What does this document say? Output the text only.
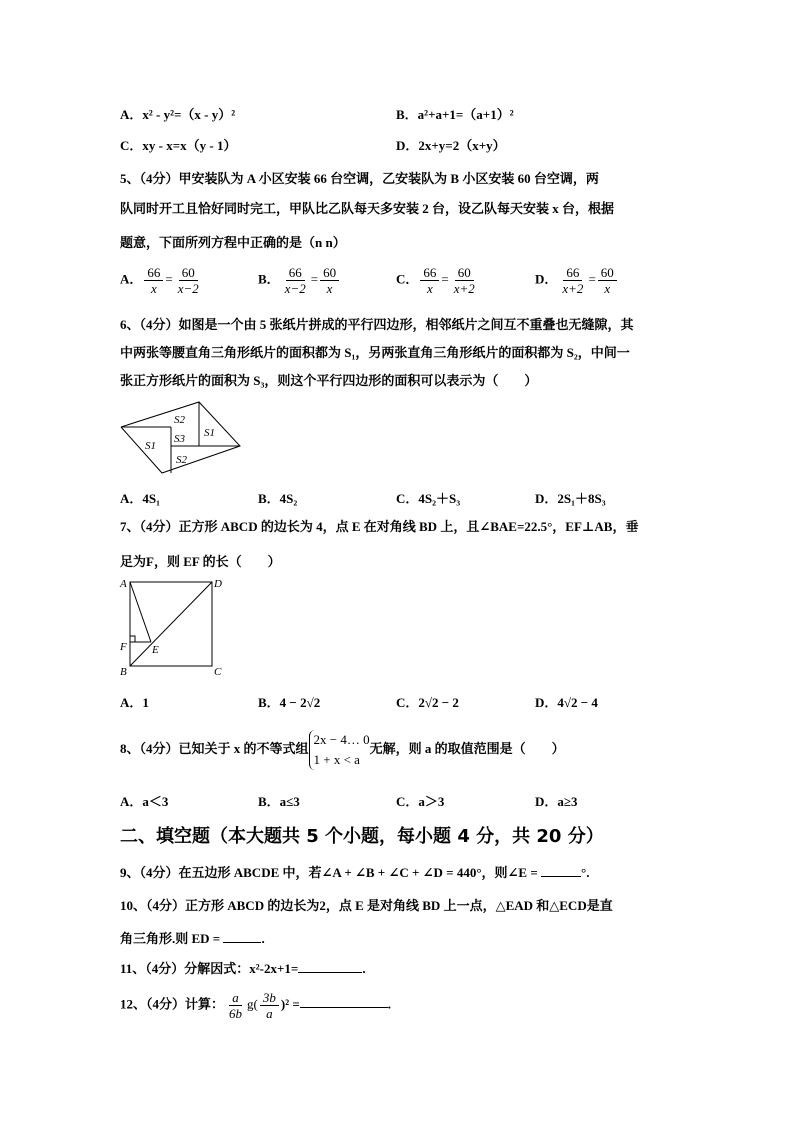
A．x² - y²=（x - y）²	B．a²+a+1=（a+1）²
C．xy - x=x（y - 1）	D．2x+y=2（x+y）
5、（4分）甲安装队为 A 小区安装 66 台空调，乙安装队为 B 小区安装 60 台空调，两
队同时开工且恰好同时完工，甲队比乙队每天多安装 2 台，设乙队每天安装 x 台，根据
题意，下面所列方程中正确的是（n n）
A． $\frac{66}{x} = \frac{60}{x-2}$	B． $\frac{66}{x-2} = \frac{60}{x}$	C． $\frac{66}{x} = \frac{60}{x+2}$	D． $\frac{66}{x+2} = \frac{60}{x}$
6、（4分）如图是一个由 5 张纸片拼成的平行四边形，相邻纸片之间互不重叠也无缝隙，其
中两张等腰直角三角形纸片的面积都为 S₁，另两张直角三角形纸片的面积都为 S₂，中间一
张正方形纸片的面积为 S₃，则这个平行四边形的面积可以表示为（　　）
S2
S1
S3 S1
S2
A．4S₁	B．4S₂	C．4S₂＋S₃	D．2S₁＋8S₃
7、（4分）正方形 ABCD 的边长为 4，点 E 在对角线 BD 上，且∠BAE=22.5°，EF⊥AB，垂
足为F，则 EF 的长（　　）
A	D
F E
B	C
A．1	B．4 − 2√2	C．2√2 − 2	D．4√2 − 4
8、（4分）已知关于 x 的不等式组
2x − 4… 0
1 + x < a
无解，则 a 的取值范围是（　　）
A．a＜3	B．a≤3	C．a＞3	D．a≥3
二、填空题（本大题共 5 个小题，每小题 4 分，共 20 分）
9、（4分）在五边形 ABCDE 中，若∠A + ∠B + ∠C + ∠D = 440°，则∠E =	°.
10、（4分）正方形 ABCD 的边长为2，点 E 是对角线 BD 上一点，△EAD 和△ECD是直
角三角形.则 ED =	.
11、（4分）分解因式：x²-2x+1=	.
12、（4分）计算： $\frac{a}{6b} g( \frac{3b}{a} )^2$ =	.
